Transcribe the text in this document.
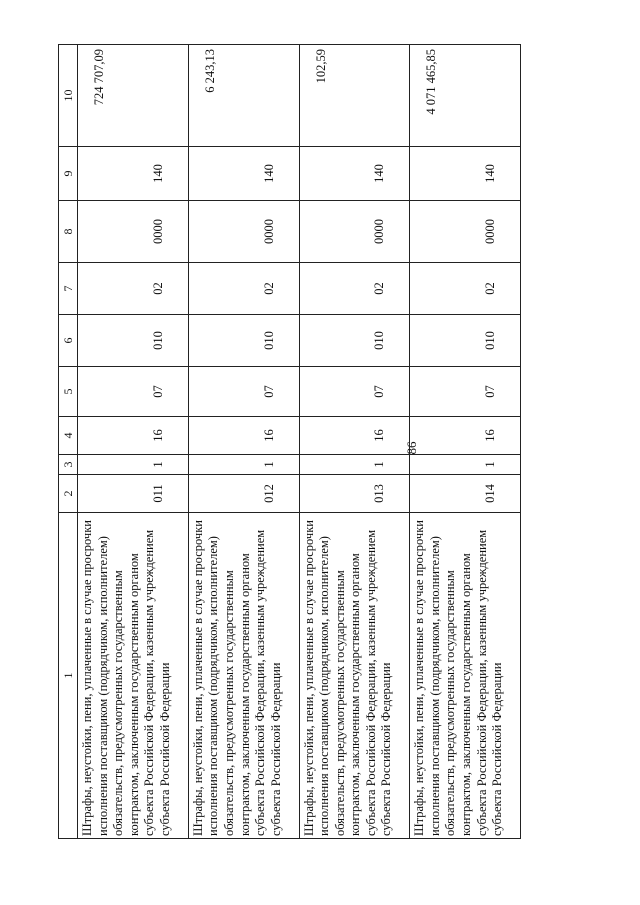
86
1	2	3	4	5	6	7	8	9	10
Штрафы, неустойки, пени, уплаченные в случае просрочки исполнения поставщиком (подрядчиком, исполнителем) обязательств, предусмотренных государственным контрактом, заключенным государственным органом субъекта Российской Федерации, казенным учреждением субъекта Российской Федерации	011	1	16	07	010	02	0000	140	724 707,09
Штрафы, неустойки, пени, уплаченные в случае просрочки исполнения поставщиком (подрядчиком, исполнителем) обязательств, предусмотренных государственным контрактом, заключенным государственным органом субъекта Российской Федерации, казенным учреждением субъекта Российской Федерации	012	1	16	07	010	02	0000	140	6 243,13
Штрафы, неустойки, пени, уплаченные в случае просрочки исполнения поставщиком (подрядчиком, исполнителем) обязательств, предусмотренных государственным контрактом, заключенным государственным органом субъекта Российской Федерации, казенным учреждением субъекта Российской Федерации	013	1	16	07	010	02	0000	140	102,59
Штрафы, неустойки, пени, уплаченные в случае просрочки исполнения поставщиком (подрядчиком, исполнителем) обязательств, предусмотренных государственным контрактом, заключенным государственным органом субъекта Российской Федерации, казенным учреждением субъекта Российской Федерации	014	1	16	07	010	02	0000	140	4 071 465,85
